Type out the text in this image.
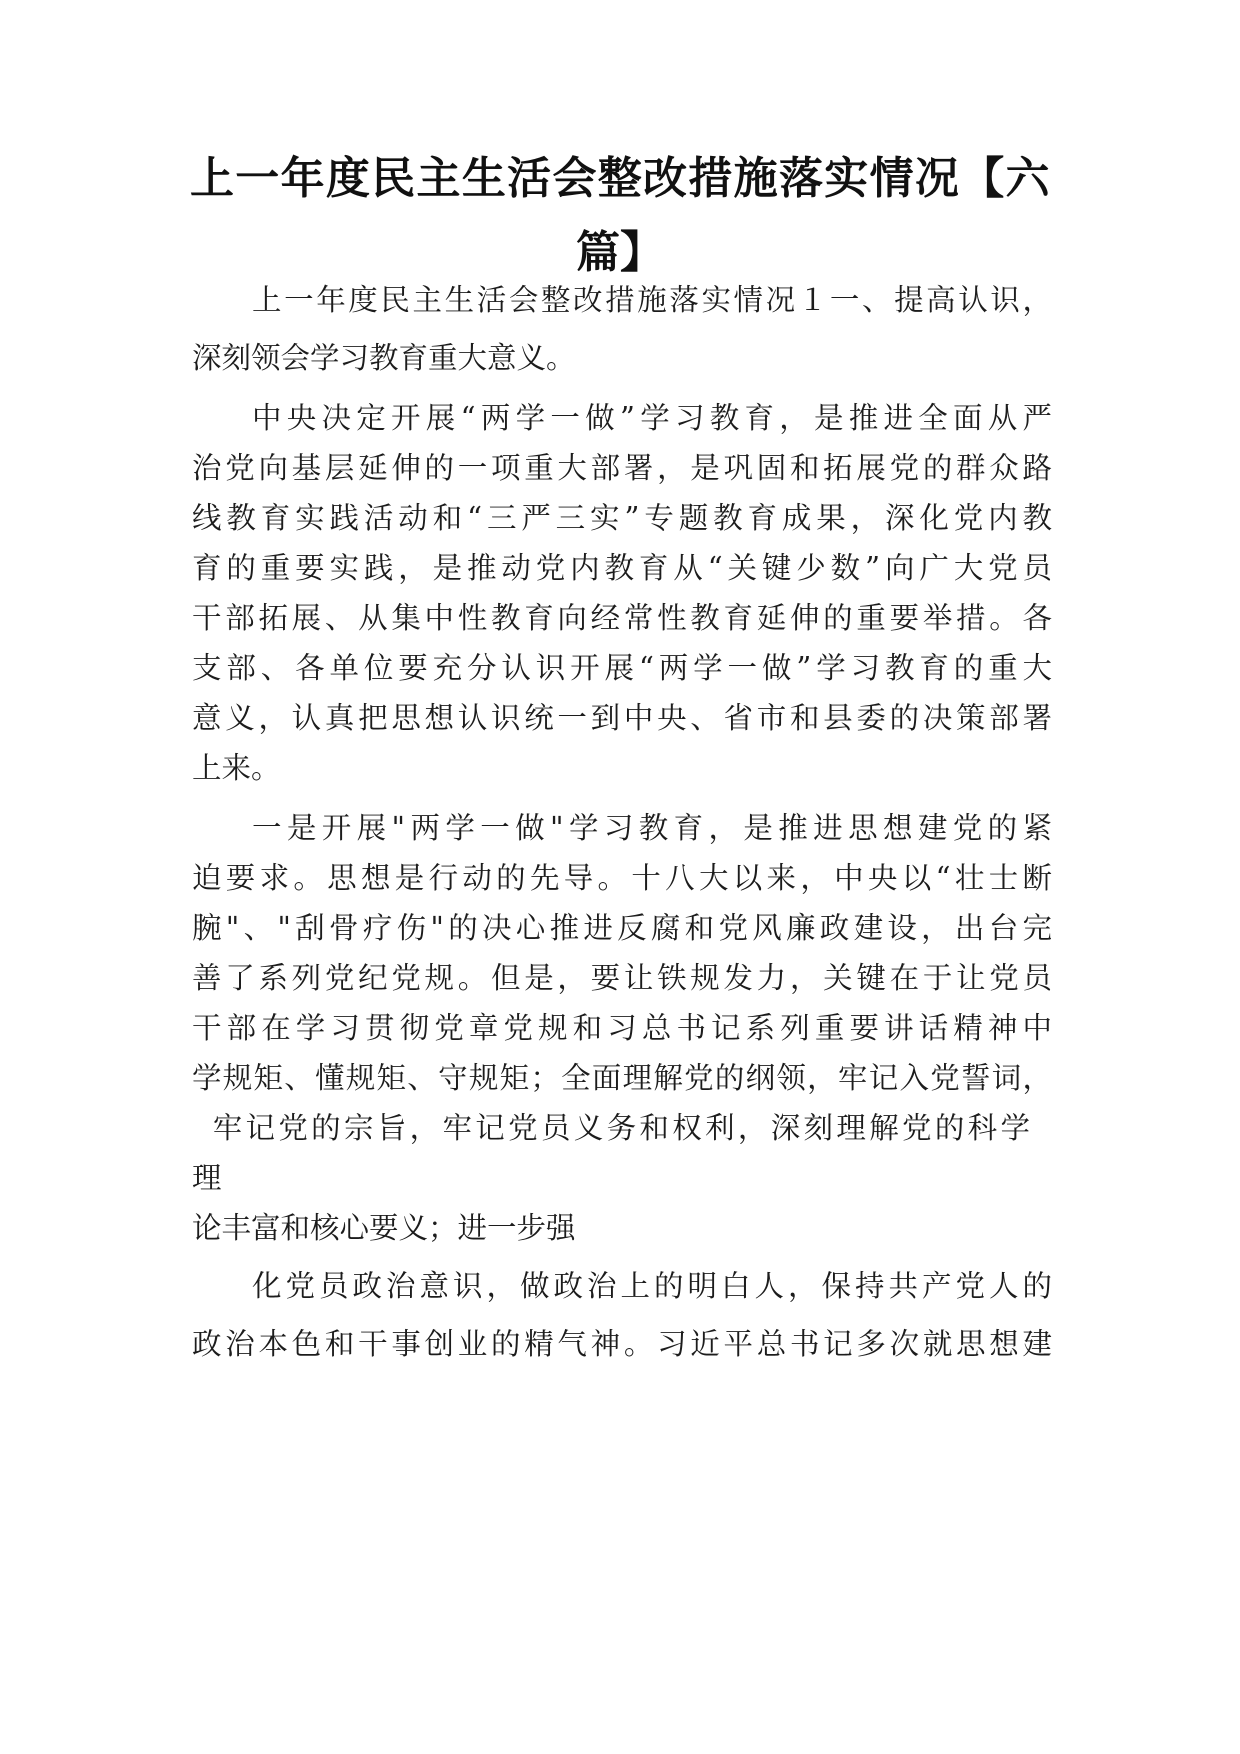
上一年度民主生活会整改措施落实情况【六
篇】

上一年度民主生活会整改措施落实情况１一、提高认识，

深刻领会学习教育重大意义。

中央决定开展“两学一做”学习教育，是推进全面从严

治党向基层延伸的一项重大部署，是巩固和拓展党的群众路

线教育实践活动和“三严三实”专题教育成果，深化党内教

育的重要实践，是推动党内教育从“关键少数”向广大党员

干部拓展、从集中性教育向经常性教育延伸的重要举措。各

支部、各单位要充分认识开展“两学一做”学习教育的重大

意义，认真把思想认识统一到中央、省市和县委的决策部署

上来。

一是开展"两学一做"学习教育，是推进思想建党的紧

迫要求。思想是行动的先导。十八大以来，中央以“壮士断

腕"、"刮骨疗伤"的决心推进反腐和党风廉政建设，出台完

善了系列党纪党规。但是，要让铁规发力，关键在于让党员

干部在学习贯彻党章党规和习总书记系列重要讲话精神中

学规矩、懂规矩、守规矩；全面理解党的纲领，牢记入党誓词，

牢记党的宗旨，牢记党员义务和权利，深刻理解党的科学

理

论丰富和核心要义；进一步强

化党员政治意识，做政治上的明白人，保持共产党人的

政治本色和干事创业的精气神。习近平总书记多次就思想建
